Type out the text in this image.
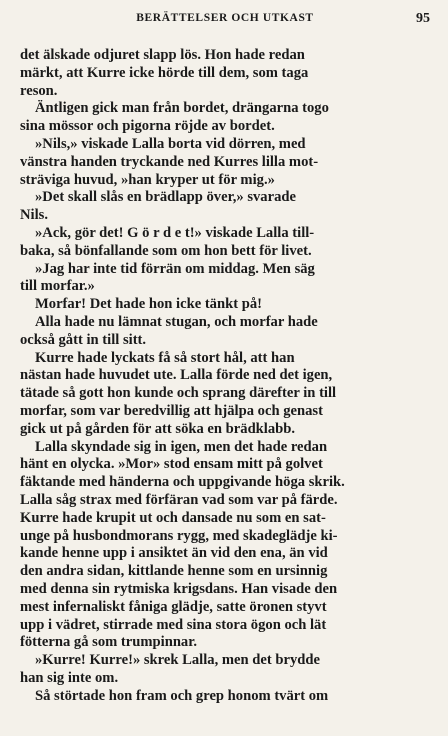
BERÄTTELSER OCH UTKAST	95
det älskade odjuret slapp lös. Hon hade redan
märkt, att Kurre icke hörde till dem, som taga
reson.
Äntligen gick man från bordet, drängarna togo
sina mössor och pigorna röjde av bordet.
»Nils,» viskade Lalla borta vid dörren, med
vänstra handen tryckande ned Kurres lilla mot-
sträviga huvud, »han kryper ut för mig.»
»Det skall slås en brädlapp över,» svarade
Nils.
»Ack, gör det! G ö r d e t!» viskade Lalla till-
baka, så bönfallande som om hon bett för livet.
»Jag har inte tid förrän om middag. Men säg
till morfar.»
Morfar! Det hade hon icke tänkt på!
Alla hade nu lämnat stugan, och morfar hade
också gått in till sitt.
Kurre hade lyckats få så stort hål, att han
nästan hade huvudet ute. Lalla förde ned det igen,
tätade så gott hon kunde och sprang därefter in till
morfar, som var beredvillig att hjälpa och genast
gick ut på gården för att söka en brädklabb.
Lalla skyndade sig in igen, men det hade redan
hänt en olycka. »Mor» stod ensam mitt på golvet
fäktande med händerna och uppgivande höga skrik.
Lalla såg strax med förfäran vad som var på färde.
Kurre hade krupit ut och dansade nu som en sat-
unge på husbondmorans rygg, med skadeglädje ki-
kande henne upp i ansiktet än vid den ena, än vid
den andra sidan, kittlande henne som en ursinnig
med denna sin rytmiska krigsdans. Han visade den
mest infernaliskt fåniga glädje, satte öronen styvt
upp i vädret, stirrade med sina stora ögon och lät
fötterna gå som trumpinnar.
»Kurre! Kurre!» skrek Lalla, men det brydde
han sig inte om.
Så störtade hon fram och grep honom tvärt om
